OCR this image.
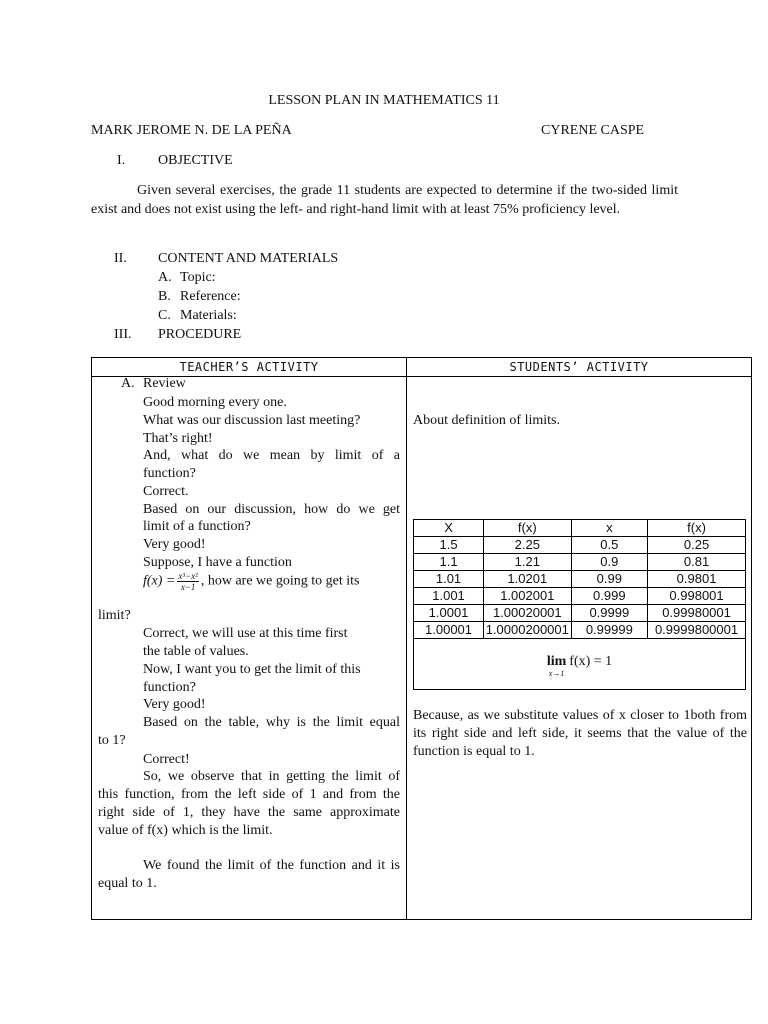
LESSON PLAN IN MATHEMATICS 11
MARK JEROME N. DE LA PEÑA	CYRENE CASPE
I. OBJECTIVE
Given several exercises, the grade 11 students are expected to determine if the two-sided limit exist and does not exist using the left- and right-hand limit with at least 75% proficiency level.
II. CONTENT AND MATERIALS
A. Topic:
B. Reference:
C. Materials:
III. PROCEDURE
TEACHER’S ACTIVITY	STUDENTS’ ACTIVITY
A. Review
Good morning every one.
What was our discussion last meeting?
That’s right!
And, what do we mean by limit of a
function?
Correct.
Based on our discussion, how do we get
limit of a function?
Very good!
Suppose, I have a function
$f(x) = \frac{\text{x³−x²}}{x-1}$ , how are we going to get its
limit?
Correct, we will use at this time first
the table of values.
Now, I want you to get the limit of this
function?
Very good!
Based on the table, why is the limit equal
to 1?
Correct!
So, we observe that in getting the limit of
this function, from the left side of 1 and from the
right side of 1, they have the same approximate
value of f(x) which is the limit.
We found the limit of the function and it is
equal to 1.
About definition of limits.
X	f(x)	x	f(x)
1.5	2.25	0.5	0.25
1.1	1.21	0.9	0.81
1.01	1.0201	0.99	0.9801
1.001	1.002001	0.999	0.998001
1.0001	1.00020001	0.9999	0.99980001
1.00001	1.0000200001	0.99999	0.9999800001
lim
x→1
f(x) = 1
Because, as we substitute values of x closer to 1both from its right side and left side, it seems that the value of the function is equal to 1.
